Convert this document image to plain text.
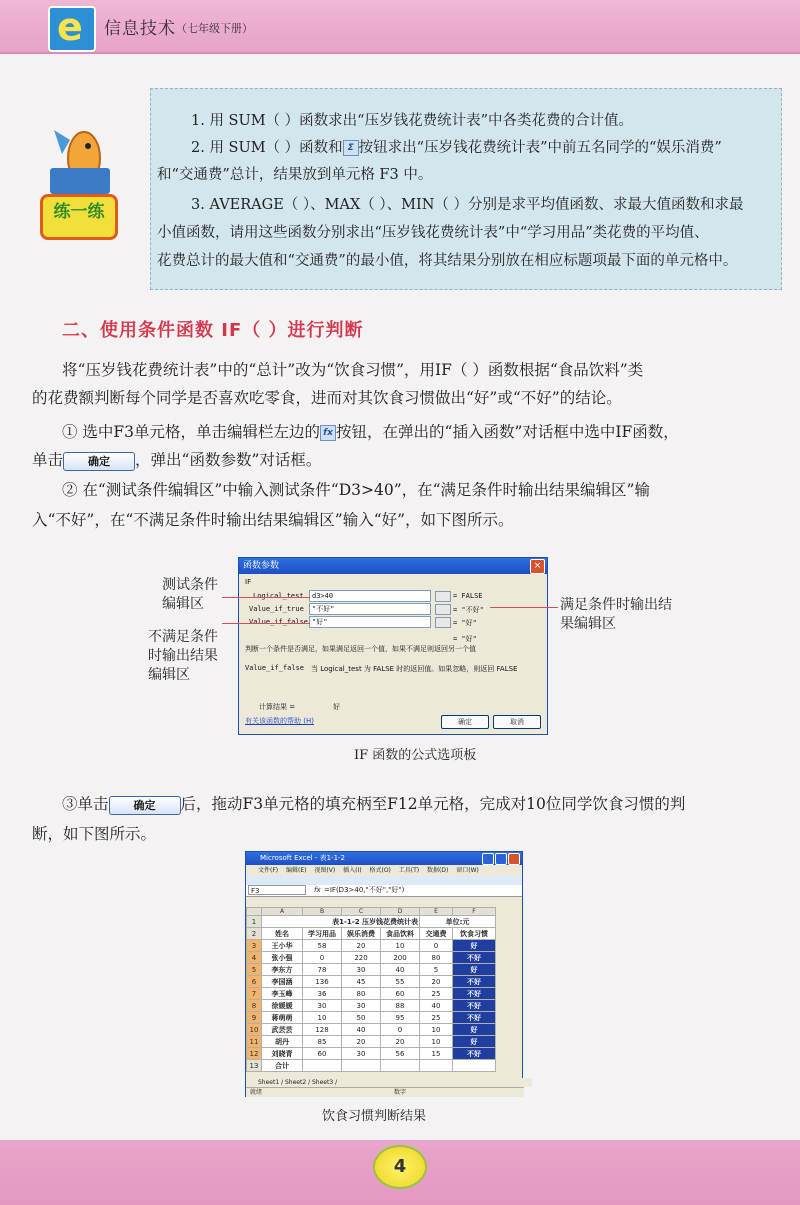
e 信息技术 （七年级下册）
1. 用 SUM（ ）函数求出“压岁钱花费统计表”中各类花费的合计值。
2. 用 SUM（ ）函数和 Σ 按钮求出“压岁钱花费统计表”中前五名同学的“娱乐消费”
和“交通费”总计，结果放到单元格 F3 中。
3. AVERAGE（ ）、MAX（ ）、MIN（ ）分别是求平均值函数、求最大值函数和求最
小值函数，请用这些函数分别求出“压岁钱花费统计表”中“学习用品”类花费的平均值、
花费总计的最大值和“交通费”的最小值，将其结果分别放在相应标题项最下面的单元格中。
练一练
二、使用条件函数 IF（ ）进行判断
将“压岁钱花费统计表”中的“总计”改为“饮食习惯”，用IF（ ）函数根据“食品饮料”类
的花费额判断每个同学是否喜欢吃零食，进而对其饮食习惯做出“好”或“不好”的结论。
① 选中F3单元格，单击编辑栏左边的 fx 按钮，在弹出的“插入函数”对话框中选中IF函数，
单击 确定 ，弹出“函数参数”对话框。
② 在“测试条件编辑区”中输入测试条件“D3>40”，在“满足条件时输出结果编辑区”输
入“不好”，在“不满足条件时输出结果编辑区”输入“好”，如下图所示。
函数参数	×
IF
Logical_test	d3>40	= FALSE
Value_if_true	"不好"	= "不好"
Value_if_false "好"	= "好"
= "好"
判断一个条件是否满足，如果满足返回一个值，如果不满足则返回另一个值
Value_if_false 当 Logical_test 为 FALSE 时的返回值。如果忽略，则返回 FALSE
计算结果 =	好
有关该函数的帮助 (H)	确定	取消
测试条件
编辑区
不满足条件
时输出结果
编辑区
满足条件时输出结
果编辑区
IF 函数的公式选项板
③单击 确定 后，拖动F3单元格的填充柄至F12单元格，完成对10位同学饮食习惯的判
断，如下图所示。
Microsoft Excel - 表1-1-2
文件(F) 编辑(E) 视图(V) 插入(I) 格式(O) 工具(T) 数据(D) 窗口(W)
F3	fx =IF(D3>40,"不好","好")
	A	B	C	D	E	F
1	表1-1-2 压岁钱花费统计表				单位:元	
2	姓名	学习用品	娱乐消费	食品饮料	交通费	饮食习惯
3	王小华	58	20	10	0	好
4	张小强	0	220	200	80	不好
5	李东方	78	30	40	5	好
6	李国涵	136	45	55	20	不好
7	李玉峰	36	80	60	25	不好
8	徐媛媛	30	30	88	40	不好
9	蒋萌萌	10	50	95	25	不好
10	武芸芸	128	40	0	10	好
11	胡丹	85	20	20	10	好
12	刘晓青	60	30	56	15	不好
13	合计					
Sheet1 / Sheet2 / Sheet3 /
就绪	数字
饮食习惯判断结果
4
